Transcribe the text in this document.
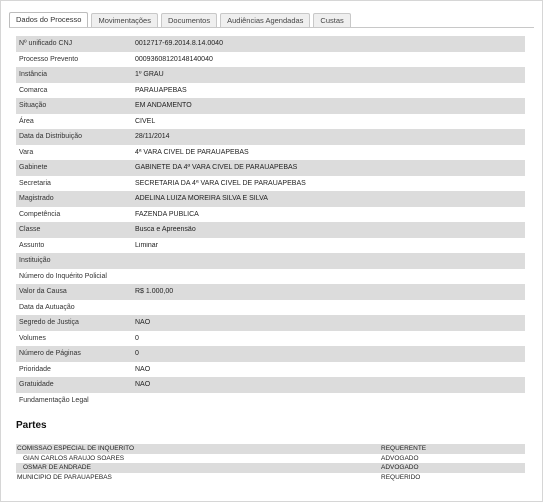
Dados do Processo	Movimentações	Documentos	Audiências Agendadas	Custas
Nº unificado CNJ	0012717-69.2014.8.14.0040
Processo Prevento	00093608120148140040
Instância	1º GRAU
Comarca	PARAUAPEBAS
Situação	EM ANDAMENTO
Área	CÍVEL
Data da Distribuição	28/11/2014
Vara	4ª VARA CÍVEL DE PARAUAPEBAS
Gabinete	GABINETE DA 4ª VARA CIVEL DE PARAUAPEBAS
Secretaria	SECRETARIA DA 4ª VARA CIVEL DE PARAUAPEBAS
Magistrado	ADELINA LUIZA MOREIRA SILVA E SILVA
Competência	FAZENDA PÚBLICA
Classe	Busca e Apreensão
Assunto	Liminar
Instituição
Número do Inquérito Policial
Valor da Causa	R$ 1.000,00
Data da Autuação
Segredo de Justiça	NÃO
Volumes	0
Número de Páginas	0
Prioridade	NÃO
Gratuidade	NÃO
Fundamentação Legal
Partes
COMISSAO ESPECIAL DE INQUERITO	REQUERENTE
GIAN CARLOS ARAUJO SOARES	ADVOGADO
OSMAR DE ANDRADE	ADVOGADO
MUNICIPIO DE PARAUAPEBAS	REQUERIDO
